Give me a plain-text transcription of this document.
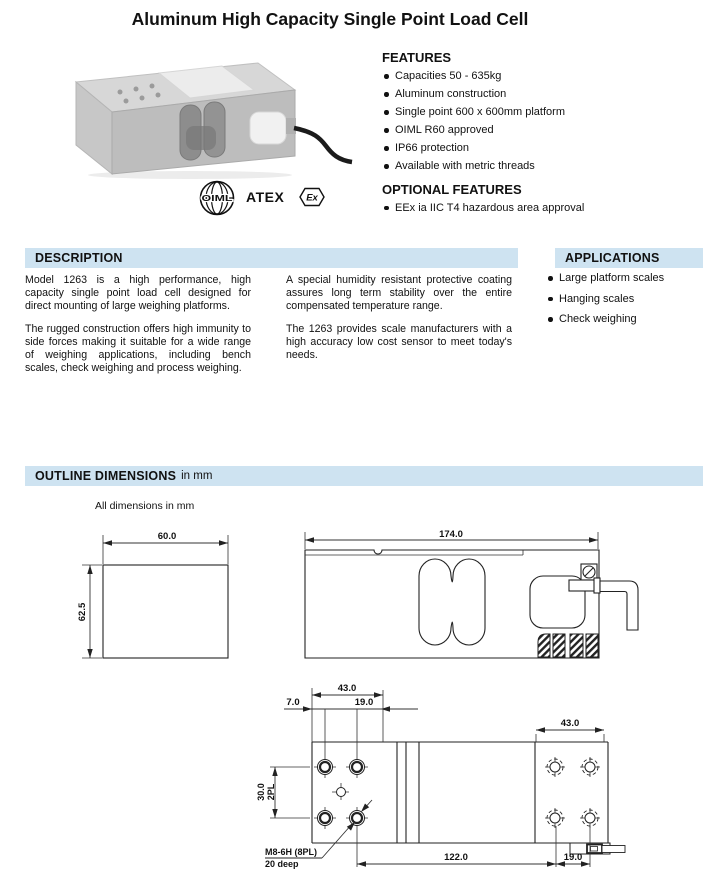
Aluminum High Capacity Single Point Load Cell
OIML ATEX Ex
FEATURES
Capacities 50 - 635kg
Aluminum construction
Single point 600 x 600mm platform
OIML R60 approved
IP66 protection
Available with metric threads
OPTIONAL FEATURES
EEx ia IIC T4 hazardous area approval
DESCRIPTION

Model 1263 is a high performance, high capacity single point load cell designed for direct mounting of large weighing platforms.

The rugged construction offers high immunity to side forces making it suitable for a wide range of weighing applications, including bench scales, check weighing and process weighing.

A special humidity resistant protective coating assures long term stability over the entire compensated temperature range.

The 1263 provides scale manufacturers with a high accuracy low cost sensor to meet today's needs.

APPLICATIONS
Large platform scales
Hanging scales
Check weighing
OUTLINE DIMENSIONS in mm
All dimensions in mm
60.0
62.5
174.0
43.0
7.0	19.0
30.0 2PL
M8-6H (8PL)
20 deep
122.0	19.0
43.0
